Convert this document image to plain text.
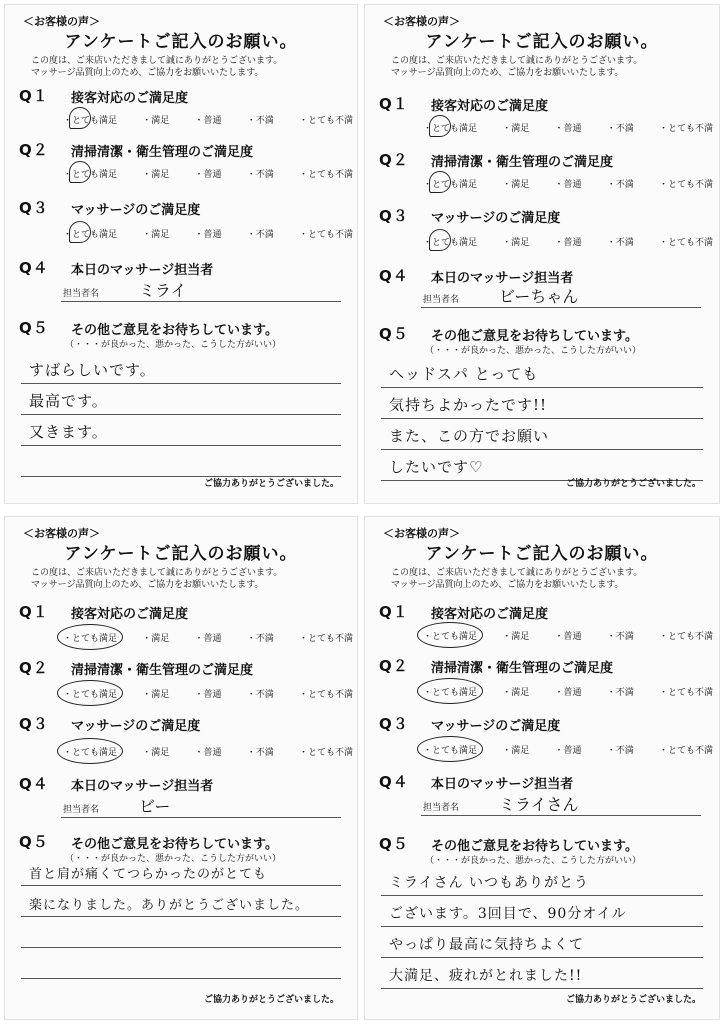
＜お客様の声＞
アンケートご記入のお願い。
この度は、ご来店いただきまして誠にありがとうございます。
マッサージ品質向上のため、ご協力をお願いいたします。
Q１ 接客対応のご満足度
・ とても満足	・ 満足	・ 普通	・ 不満	・ とても不満
Q２ 清掃清潔・衛生管理のご満足度
・ とても満足	・ 満足	・ 普通	・ 不満	・ とても不満
Q３ マッサージのご満足度
・ とても満足	・ 満足	・ 普通	・ 不満	・ とても不満
Q４ 本日のマッサージ担当者
担当者名 ミライ
Q５ その他ご意見をお待ちしています。
（・・・が良かった、悪かった、こうした方がいい）
すばらしいです。
最高です。
又きます。
ご協力ありがとうございました。
＜お客様の声＞
アンケートご記入のお願い。
この度は、ご来店いただきまして誠にありがとうございます。
マッサージ品質向上のため、ご協力をお願いいたします。
Q１ 接客対応のご満足度
・ とても満足	・ 満足	・ 普通	・ 不満	・ とても不満
Q２ 清掃清潔・衛生管理のご満足度
・ とても満足	・ 満足	・ 普通	・ 不満	・ とても不満
Q３ マッサージのご満足度
・ とても満足	・ 満足	・ 普通	・ 不満	・ とても不満
Q４ 本日のマッサージ担当者
担当者名 ビーちゃん
Q５ その他ご意見をお待ちしています。
（・・・が良かった、悪かった、こうした方がいい）
ヘッドスパ とっても
気持ちよかったです!!
また、この方でお願い
したいです♡
ご協力ありがとうございました。
＜お客様の声＞
アンケートご記入のお願い。
この度は、ご来店いただきまして誠にありがとうございます。
マッサージ品質向上のため、ご協力をお願いいたします。
Q１ 接客対応のご満足度
・ とても満足	・ 満足	・ 普通	・ 不満	・ とても不満
Q２ 清掃清潔・衛生管理のご満足度
・ とても満足	・ 満足	・ 普通	・ 不満	・ とても不満
Q３ マッサージのご満足度
・ とても満足	・ 満足	・ 普通	・ 不満	・ とても不満
Q４ 本日のマッサージ担当者
担当者名 ビー
Q５ その他ご意見をお待ちしています。
（・・・が良かった、悪かった、こうした方がいい）
首と肩が痛くてつらかったのがとても
楽になりました。ありがとうございました。
ご協力ありがとうございました。
＜お客様の声＞
アンケートご記入のお願い。
この度は、ご来店いただきまして誠にありがとうございます。
マッサージ品質向上のため、ご協力をお願いいたします。
Q１ 接客対応のご満足度
・ とても満足	・ 満足	・ 普通	・ 不満	・ とても不満
Q２ 清掃清潔・衛生管理のご満足度
・ とても満足	・ 満足	・ 普通	・ 不満	・ とても不満
Q３ マッサージのご満足度
・ とても満足	・ 満足	・ 普通	・ 不満	・ とても不満
Q４ 本日のマッサージ担当者
担当者名 ミライさん
Q５ その他ご意見をお待ちしています。
（・・・が良かった、悪かった、こうした方がいい）
ミライさん いつもありがとう
ございます。3回目で、90分オイル
やっぱり最高に気持ちよくて
大満足、疲れがとれました!!
ご協力ありがとうございました。
